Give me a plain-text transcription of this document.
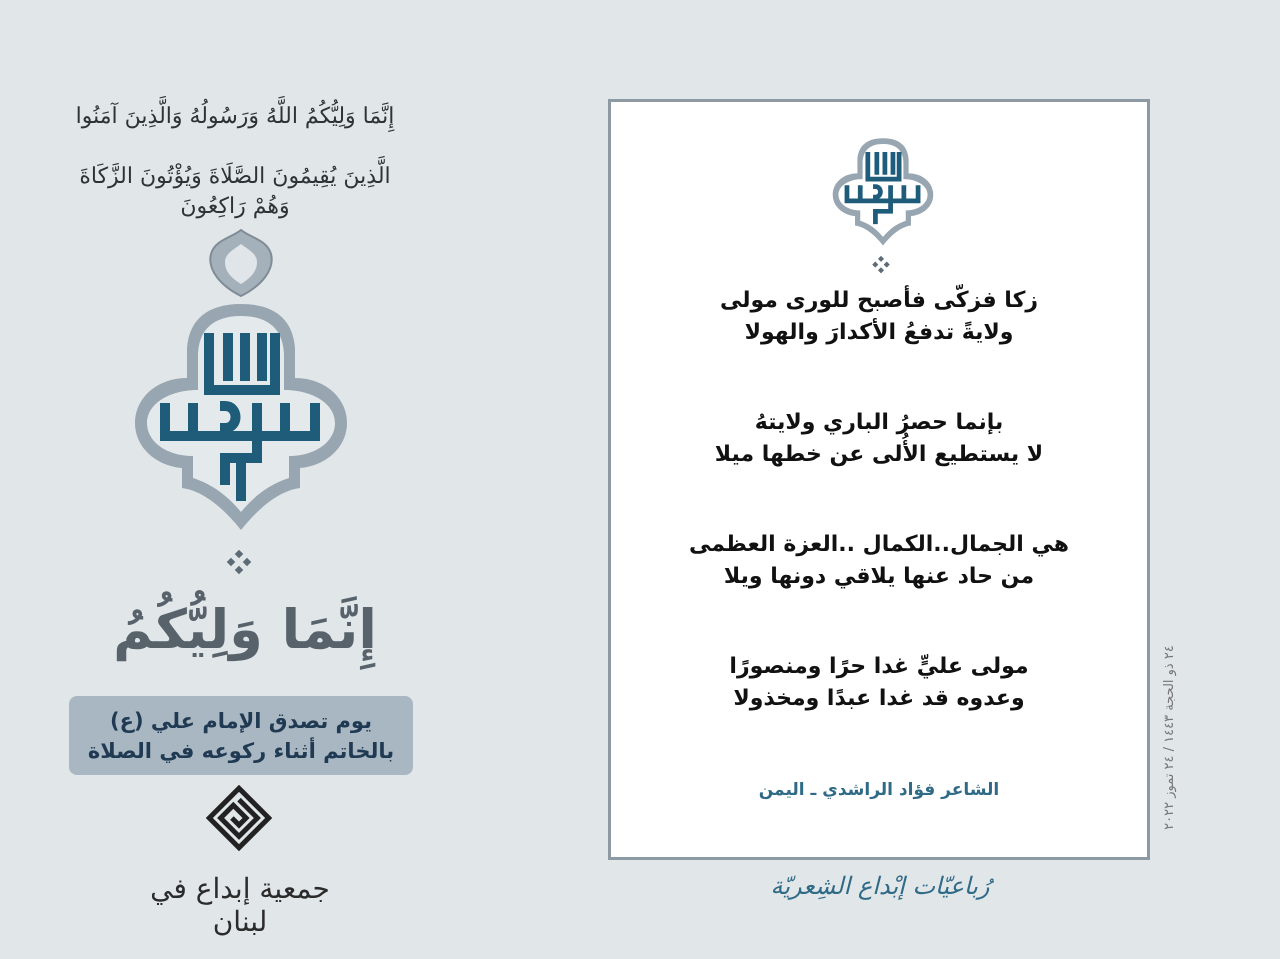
إِنَّمَا وَلِيُّكُمُ اللَّهُ وَرَسُولُهُ وَالَّذِينَ آمَنُوا
الَّذِينَ يُقِيمُونَ الصَّلَاةَ وَيُؤْتُونَ الزَّكَاةَ وَهُمْ رَاكِعُونَ
إِنَّمَا وَلِيُّكُمُ
يوم تصدق الإمام علي (ع)
بالخاتم أثناء ركوعه في الصلاة
جمعية إبداع في لبنان
زكا فزكّى فأصبح للورى مولى
ولايةً تدفعُ الأكدارَ والهولا
بإنما حصرُ الباري ولايتهُ
لا يستطيع الأُلى عن خطها ميلا
هي الجمال..الكمال ..العزة العظمى
من حاد عنها يلاقي دونها ويلا
مولى عليٍّ غدا حرًا ومنصورًا
وعدوه قد غدا عبدًا ومخذولا
الشاعر فؤاد الراشدي ـ اليمن
٢٤ ذو الحجة ١٤٤٣ / ٢٤ تموز ٢٠٢٢
رُباعيّات إبْداع الشِعريّة
